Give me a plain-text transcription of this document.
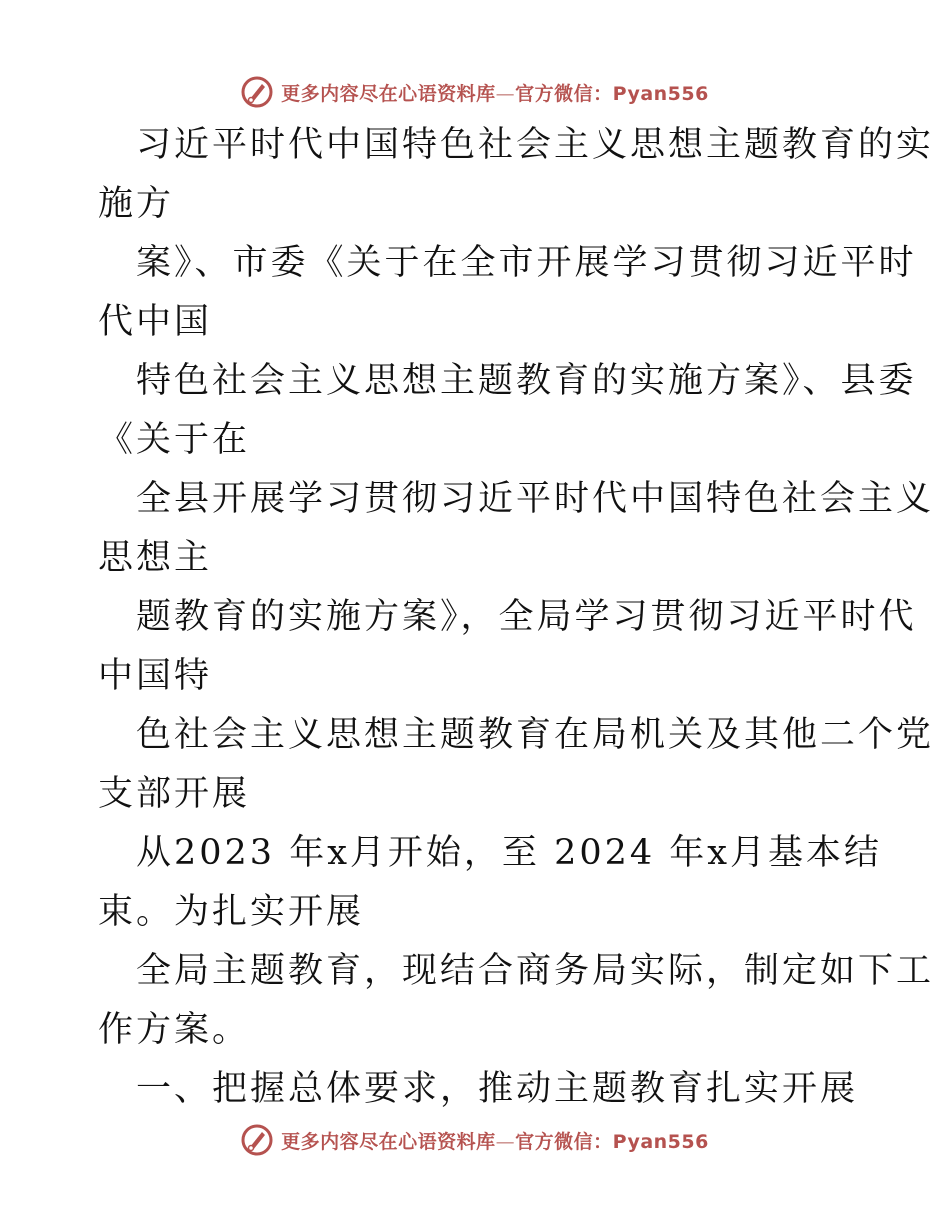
更多内容尽在心语资料库—官方微信：Pyan556
习近平时代中国特色社会主义思想主题教育的实
施方
案》、市委《关于在全市开展学习贯彻习近平时
代中国
特色社会主义思想主题教育的实施方案》、县委
《关于在
全县开展学习贯彻习近平时代中国特色社会主义
思想主
题教育的实施方案》，全局学习贯彻习近平时代
中国特
色社会主义思想主题教育在局机关及其他二个党
支部开展
从2023 年x月开始，至 2024 年x月基本结
束。为扎实开展
全局主题教育，现结合商务局实际，制定如下工
作方案。
一、把握总体要求，推动主题教育扎实开展
更多内容尽在心语资料库—官方微信：Pyan556
